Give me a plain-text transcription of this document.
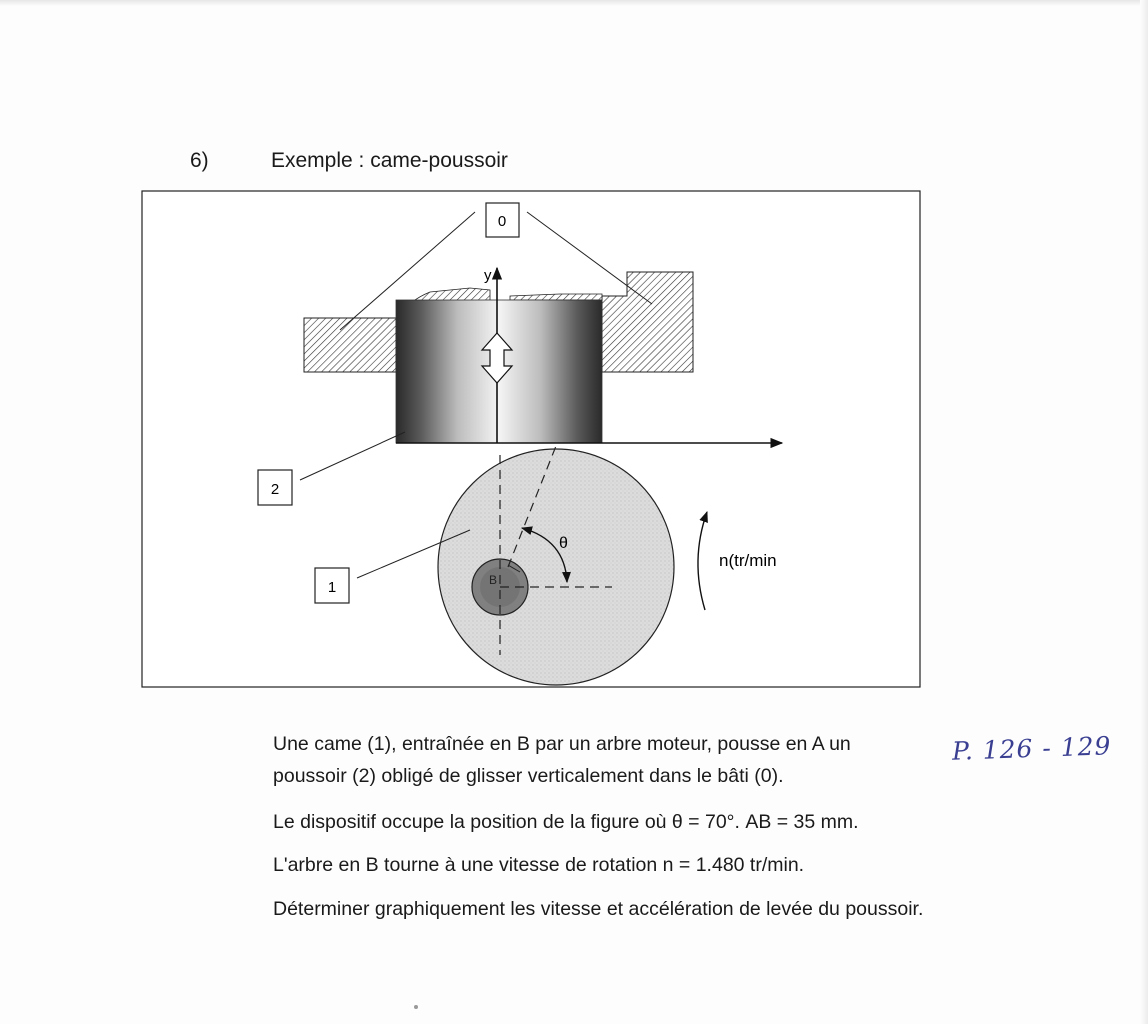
6)	Exemple : came-poussoir
y
B
θ
n(tr/min
0
2
1
Une came (1), entraînée en B par un arbre moteur, pousse en A un
poussoir (2) obligé de glisser verticalement dans le bâti (0).
Le dispositif occupe la position de la figure où θ = 70°. AB = 35 mm.
L'arbre en B tourne à une vitesse de rotation n = 1.480 tr/min.
Déterminer graphiquement les vitesse et accélération de levée du poussoir.
P. 126 - 129
